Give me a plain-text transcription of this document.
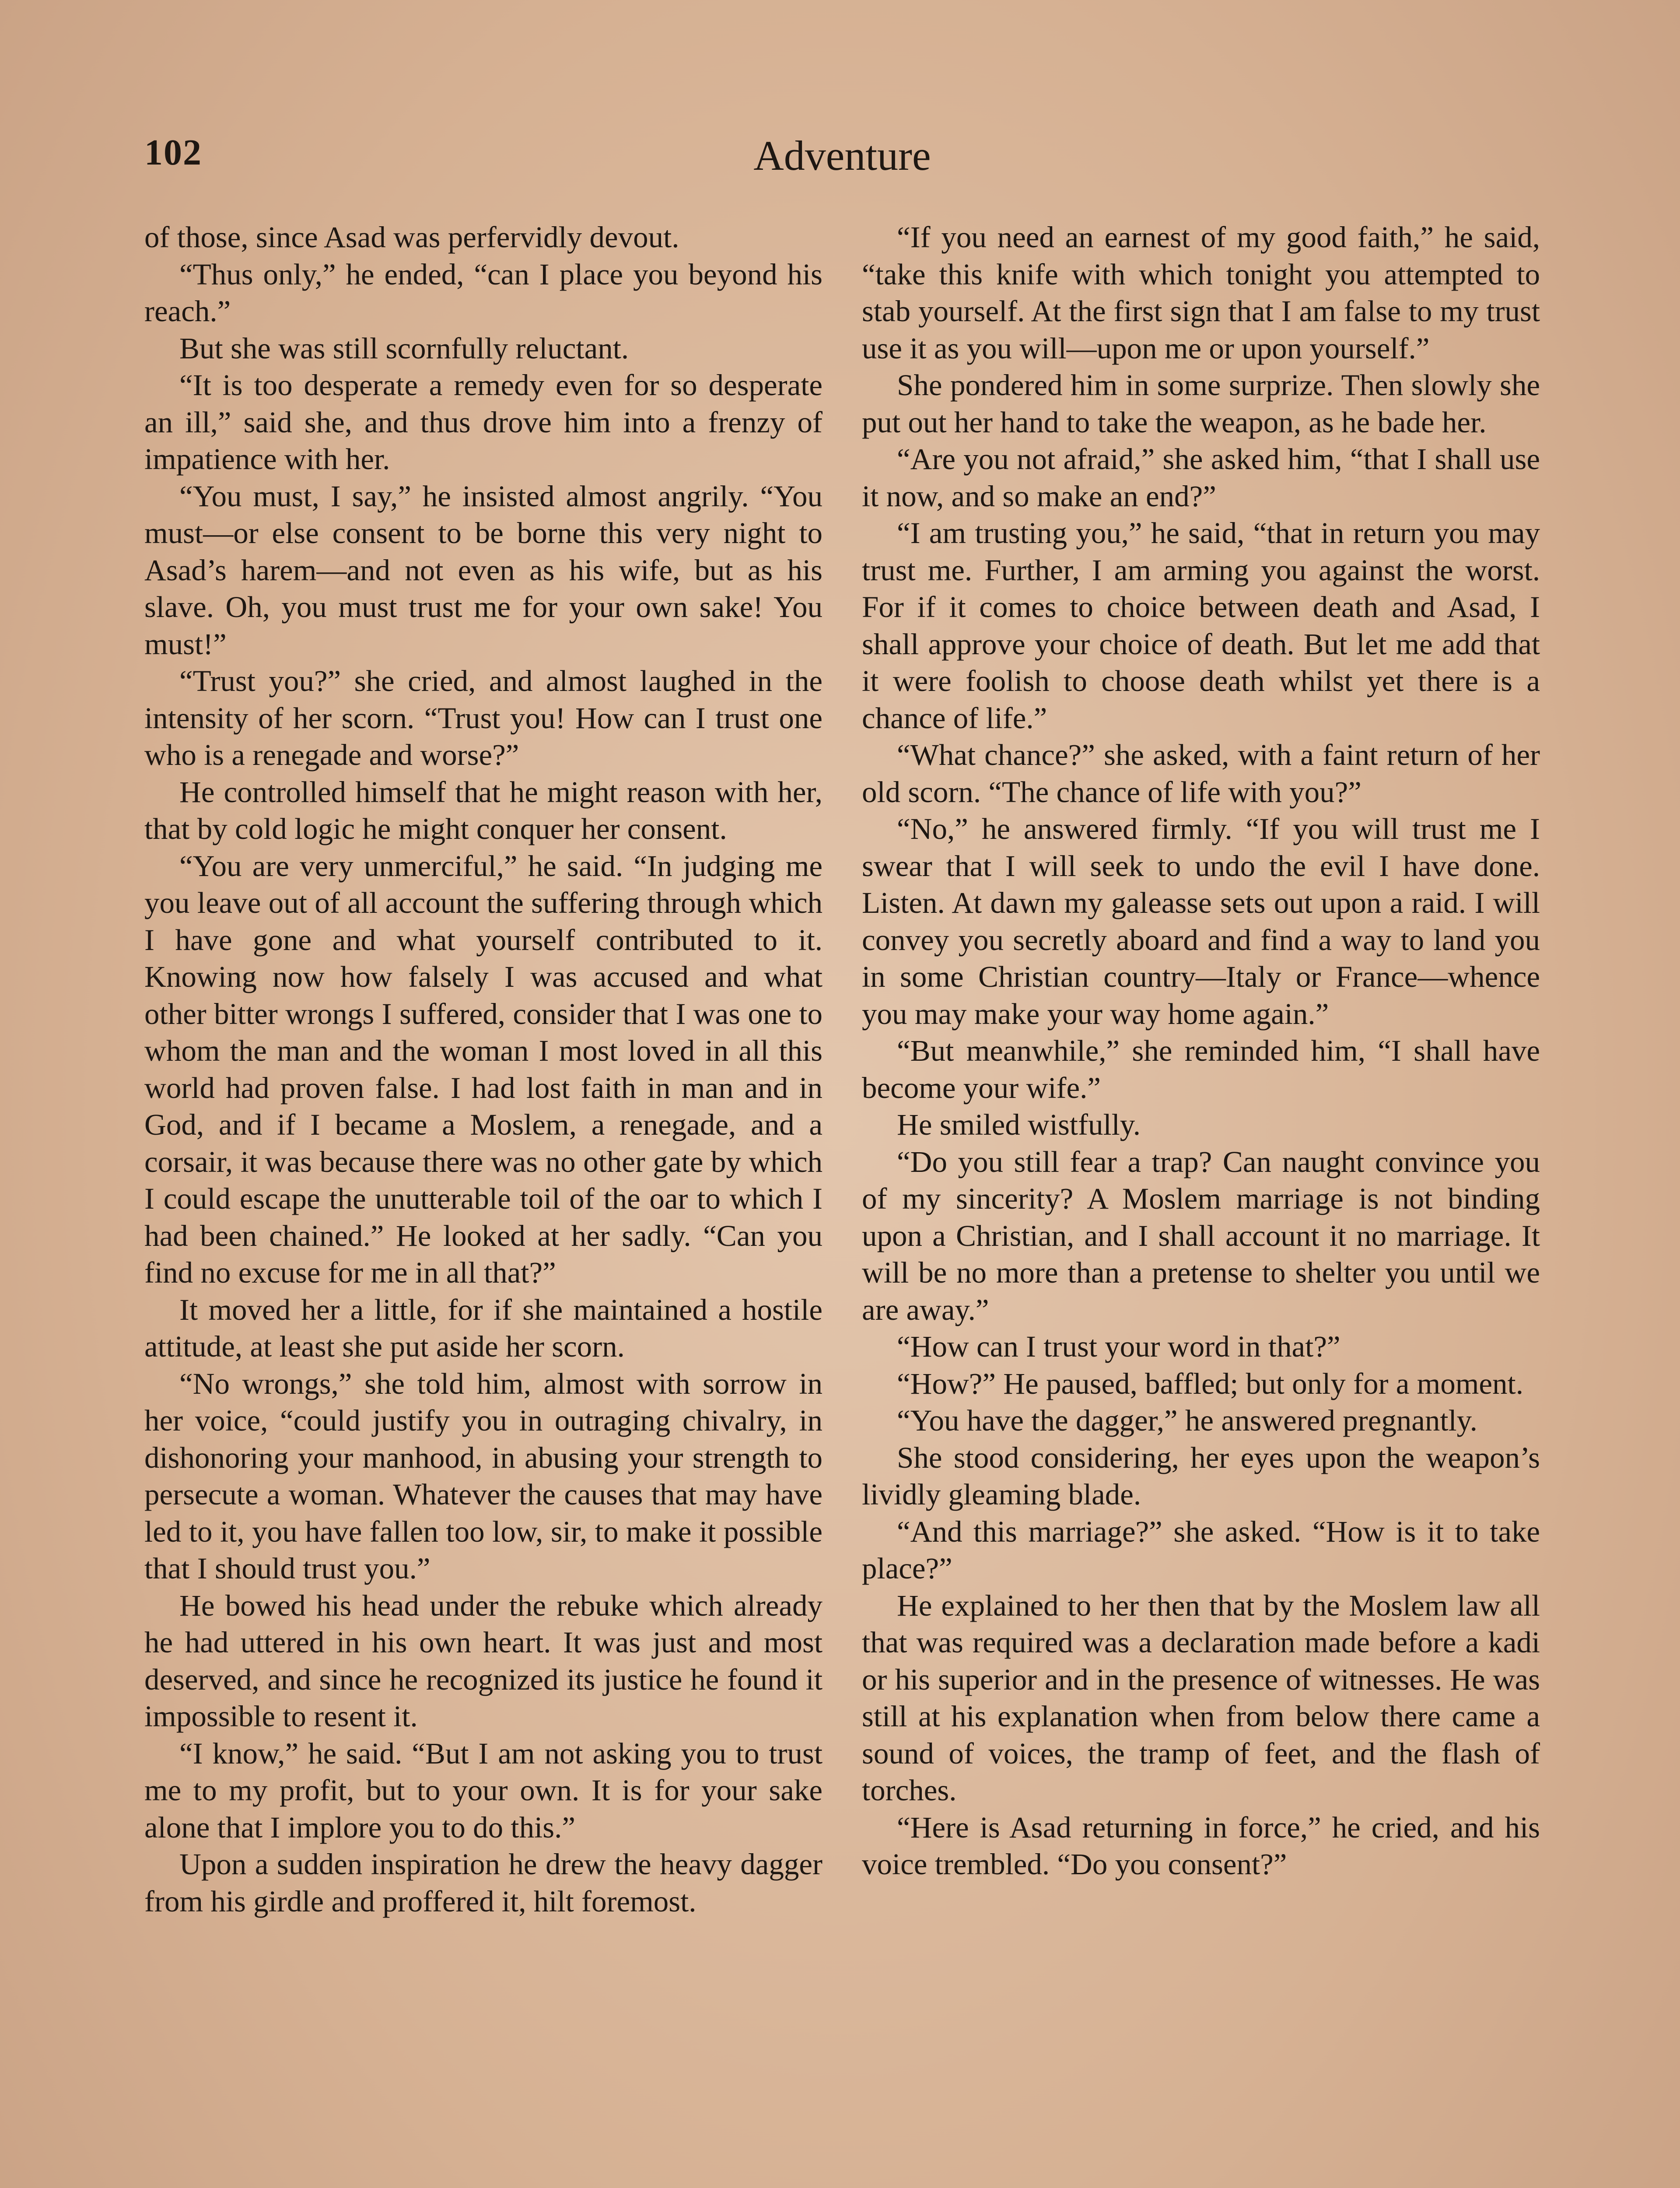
102	Adventure

of those, since Asad was perfervidly devout.

“Thus only,” he ended, “can I place you beyond his reach.”

But she was still scornfully reluctant.

“It is too desperate a remedy even for so desperate an ill,” said she, and thus drove him into a frenzy of impatience with her.

“You must, I say,” he insisted almost angrily. “You must—or else consent to be borne this very night to Asad’s harem—and not even as his wife, but as his slave. Oh, you must trust me for your own sake! You must!”

“Trust you?” she cried, and almost laughed in the intensity of her scorn. “Trust you! How can I trust one who is a renegade and worse?”

He controlled himself that he might reason with her, that by cold logic he might conquer her consent.

“You are very unmerciful,” he said. “In judging me you leave out of all account the suffering through which I have gone and what yourself contributed to it. Knowing now how falsely I was accused and what other bitter wrongs I suffered, consider that I was one to whom the man and the woman I most loved in all this world had proven false. I had lost faith in man and in God, and if I became a Moslem, a renegade, and a corsair, it was because there was no other gate by which I could escape the unutterable toil of the oar to which I had been chained.” He looked at her sadly. “Can you find no excuse for me in all that?”

It moved her a little, for if she maintained a hostile attitude, at least she put aside her scorn.

“No wrongs,” she told him, almost with sorrow in her voice, “could justify you in outraging chivalry, in dishonoring your manhood, in abusing your strength to persecute a woman. Whatever the causes that may have led to it, you have fallen too low, sir, to make it possible that I should trust you.”

He bowed his head under the rebuke which already he had uttered in his own heart. It was just and most deserved, and since he recognized its justice he found it impossible to resent it.

“I know,” he said. “But I am not asking you to trust me to my profit, but to your own. It is for your sake alone that I implore you to do this.”

Upon a sudden inspiration he drew the heavy dagger from his girdle and proffered it, hilt foremost.

“If you need an earnest of my good faith,” he said, “take this knife with which tonight you attempted to stab yourself. At the first sign that I am false to my trust use it as you will—upon me or upon yourself.”

She pondered him in some surprize. Then slowly she put out her hand to take the weapon, as he bade her.

“Are you not afraid,” she asked him, “that I shall use it now, and so make an end?”

“I am trusting you,” he said, “that in return you may trust me. Further, I am arming you against the worst. For if it comes to choice between death and Asad, I shall approve your choice of death. But let me add that it were foolish to choose death whilst yet there is a chance of life.”

“What chance?” she asked, with a faint return of her old scorn. “The chance of life with you?”

“No,” he answered firmly. “If you will trust me I swear that I will seek to undo the evil I have done. Listen. At dawn my galeasse sets out upon a raid. I will convey you secretly aboard and find a way to land you in some Christian country—Italy or France—whence you may make your way home again.”

“But meanwhile,” she reminded him, “I shall have become your wife.”

He smiled wistfully.

“Do you still fear a trap? Can naught convince you of my sincerity? A Moslem marriage is not binding upon a Christian, and I shall account it no marriage. It will be no more than a pretense to shelter you until we are away.”

“How can I trust your word in that?”

“How?” He paused, baffled; but only for a moment.

“You have the dagger,” he answered pregnantly.

She stood considering, her eyes upon the weapon’s lividly gleaming blade.

“And this marriage?” she asked. “How is it to take place?”

He explained to her then that by the Moslem law all that was required was a declaration made before a kadi or his superior and in the presence of witnesses. He was still at his explanation when from below there came a sound of voices, the tramp of feet, and the flash of torches.

“Here is Asad returning in force,” he cried, and his voice trembled. “Do you consent?”
